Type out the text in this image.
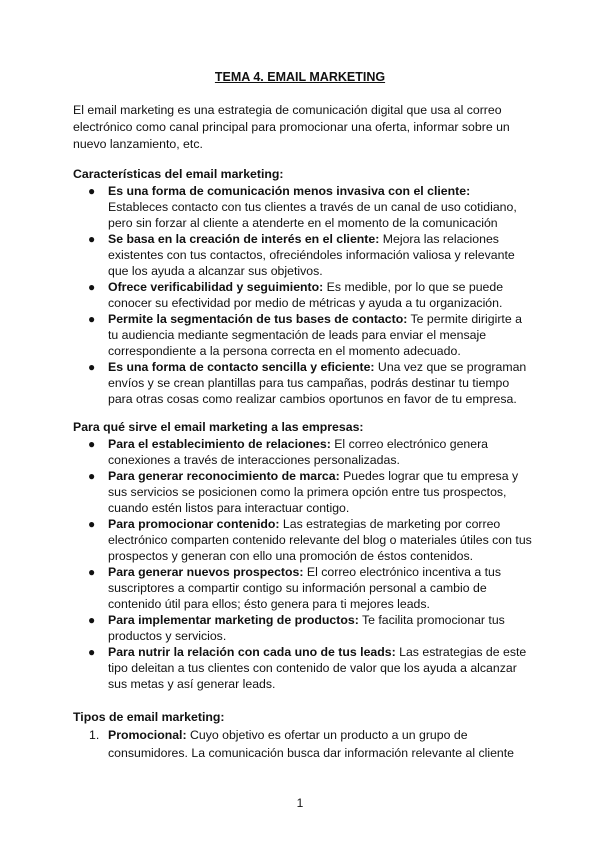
TEMA 4. EMAIL MARKETING
El email marketing es una estrategia de comunicación digital que usa al correo electrónico como canal principal para promocionar una oferta, informar sobre un nuevo lanzamiento, etc.
Características del email marketing:
● Es una forma de comunicación menos invasiva con el cliente: Estableces contacto con tus clientes a través de un canal de uso cotidiano, pero sin forzar al cliente a atenderte en el momento de la comunicación
● Se basa en la creación de interés en el cliente: Mejora las relaciones existentes con tus contactos, ofreciéndoles información valiosa y relevante que los ayuda a alcanzar sus objetivos.
● Ofrece verificabilidad y seguimiento: Es medible, por lo que se puede conocer su efectividad por medio de métricas y ayuda a tu organización.
● Permite la segmentación de tus bases de contacto: Te permite dirigirte a tu audiencia mediante segmentación de leads para enviar el mensaje correspondiente a la persona correcta en el momento adecuado.
● Es una forma de contacto sencilla y eficiente: Una vez que se programan envíos y se crean plantillas para tus campañas, podrás destinar tu tiempo para otras cosas como realizar cambios oportunos en favor de tu empresa.
Para qué sirve el email marketing a las empresas:
● Para el establecimiento de relaciones: El correo electrónico genera conexiones a través de interacciones personalizadas.
● Para generar reconocimiento de marca: Puedes lograr que tu empresa y sus servicios se posicionen como la primera opción entre tus prospectos, cuando estén listos para interactuar contigo.
● Para promocionar contenido: Las estrategias de marketing por correo electrónico comparten contenido relevante del blog o materiales útiles con tus prospectos y generan con ello una promoción de éstos contenidos.
● Para generar nuevos prospectos: El correo electrónico incentiva a tus suscriptores a compartir contigo su información personal a cambio de contenido útil para ellos; ésto genera para ti mejores leads.
● Para implementar marketing de productos: Te facilita promocionar tus productos y servicios.
● Para nutrir la relación con cada uno de tus leads: Las estrategias de este tipo deleitan a tus clientes con contenido de valor que los ayuda a alcanzar sus metas y así generar leads.
Tipos de email marketing:
1. Promocional: Cuyo objetivo es ofertar un producto a un grupo de consumidores. La comunicación busca dar información relevante al cliente
1
